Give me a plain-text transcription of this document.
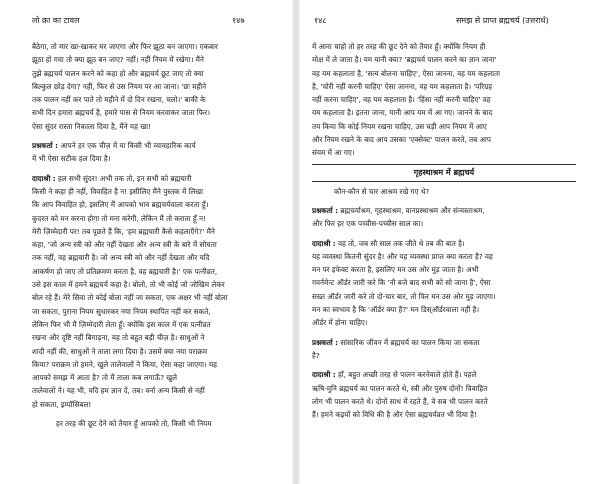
लो क्रा का टावल	१४७
बैठेगा, तो मार खा-खाकर मर जाएगा और फिर झूठा बन जाएगा। एकबार
झूठा हो गया तो क्या झूठ बन जाए? नहीं। नहीं नियम में रखेगा। मैंने
तुझे ब्रह्मचर्य पालन करने को कहा हो और ब्रह्मचर्य छूट जाए तो क्या
बिल्कुल छोड़ देगा? नहीं, फिर से उस नियम पर आ जाना। 'छः महीने
तक पालन नहीं कर पाते तो महीने में दो दिन रखना, चलो।' बाकी के
सभी दिन हमारा ब्रह्मचर्य है, हमारे पास से नियम करवाकर जाता फिर।
ऐसा सुंदर रास्ता निकाला दिया है, मैंने यह खा!
प्रश्नकर्ता : आपने हर एक चीज़ में या किसी भी व्यावहारिक कार्य
में भी ऐसा सटीक हल दिया है।
दादाश्री : हल सभी सुंदर! अभी तक तो, इन सभी को ब्रह्मचारी
किसी ने कहा ही नहीं, विवाहित है न! इसीलिए मैंने पुस्तक में लिखा
कि आप विवाहित हो, इसलिए मैं आपको भाव ब्रह्मचर्यवाला करता हूँ।
कुदरत को मन करना होगा तो मना करेगी, लेकिन मैं तो कराता हूँ न!
मेरी ज़िम्मेदारी पर! तब पूछते हैं कि, 'हम ब्रह्मचारी कैसे कहलाएँगे?' मैंने
कहा, 'जो अन्य स्त्री को और नहीं देखता और अन्य स्त्री के बारे में सोचता
तक नहीं, वह ब्रह्मचारी है। जो अन्य स्त्री को और नहीं देखता और यदि
आकर्षण हो जाए तो प्रतिक्रमण करता है, वह ब्रह्मचारी है।' एक पत्नीव्रत,
उसे इस काल में हमने ब्रह्मचर्य कहा है। बोलो, तो भी कोई जो जोखिम लेकर
बोल रहे हैं। मेरे सिवा तो कोई बोला नहीं जा सकता, एक अक्षर भी नहीं बोला
जा सकता, पुराना नियम सुधारकर नया नियम स्थापित नहीं कर सकते,
लेकिन फिर भी मैं ज़िम्मेदारी लेता हूँ। क्योंकि इस काल में एक पत्नीव्रत
रखना और दृष्टि नहीं बिगाड़ना, यह तो बहुत बड़ी चीज़ है। साधुओं ने
शादी नहीं की, साधुओं ने ताला लगा दिया है। उसमें क्या नया पराक्रम
किया? पराक्रम तो हमने, खुले तालेवालों ने किया, ऐसा कहा जाएगा। यह
आपको समझ में आता है? तो मैं ताला कब लगाऊँ? खुले
तालेवालों ने। यह भी, यदि हम ज्ञान दें, तब। वर्ना अन्य किसी से नहीं
हो सकता, इम्पॉसिबल!
हर तरह की छूट देने को तैयार हूँ आपको तो, किसी भी नियम
१४८	समझ से प्राप्त ब्रह्मचर्य (उत्तरार्ध)
में आना चाहो तो हर तरह की छूट देने को तैयार हूँ। क्योंकि नियम ही
मोक्ष में ले जाता है। यम यानी क्या? 'ब्रह्मचर्य पालन करने का ज्ञान जाना'
वह यम कहलाता है, 'सत्य बोलना चाहिए', ऐसा जानना, वह यम कहलाता
है, 'चोरी नहीं करनी चाहिए' ऐसा जानना, वह यम कहलाता है। 'परिग्रह
नहीं करना चाहिए', वह यम कहलाता है। 'हिंसा नहीं करनी चाहिए' वह
यम कहलाता है। इतना जाना, यानी आप यम में आ गए। जानने के बाद
तय किया कि कोई नियम रखना चाहिए, उस घड़ी आप नियम में आए
और नियम रखने के बाद आप उसका 'एक्सेक्ट' पालन करते, तब आप
संयम में आ गए।
गृहस्थाश्रम में ब्रह्मचर्य
कौन-कौन से चार आश्रम रखे गए थे?
प्रश्नकर्ता : ब्रह्मचर्याश्रम, गृहस्थाश्रम, वानप्रस्थाश्रम और संन्यस्ताश्रम,
और फिर हर एक पच्चीस-पच्चीस साल का।
दादाश्री : वह तो, जब सौ साल तक जीते थे तब की बात है।
यह व्यवस्था कितनी सुंदर है! और यह व्यवस्था प्राप्त क्या करता है? वह
मन पर इफेक्ट करता है, इसलिए मन उस ओर मुड़ जाता है। अभी
गवर्नमेन्ट ऑर्डर जारी करे कि 'नौ बजे बाद सभी को सो जाना है', ऐसा
सख्त ऑर्डर जारी करे तो दो-चार बार, तो फिर मन उस ओर मुड़ जाएगा।
मन का स्वभाव है कि 'ऑर्डर क्या है?' मन डिस्ऑर्डरवाला नहीं है।
ऑर्डर में होना चाहिए।
प्रश्नकर्ता : सांसारिक जीवन में ब्रह्मचर्य का पालन किया जा सकता
है?
दादाश्री : हाँ, बहुत अच्छी तरह से पालन करनेवाले होते हैं। पहले
ऋषि-मुनि ब्रह्मचर्य का पालन करते थे, स्त्री और पुरुष दोनों! विवाहित
लोग भी पालन करते थे। दोनों साथ में रहते हैं, वे सब भी पालन करते
हैं। हमने कइयों को विधि की है और ऐसा ब्रह्मचर्यव्रत भी दिया है!
